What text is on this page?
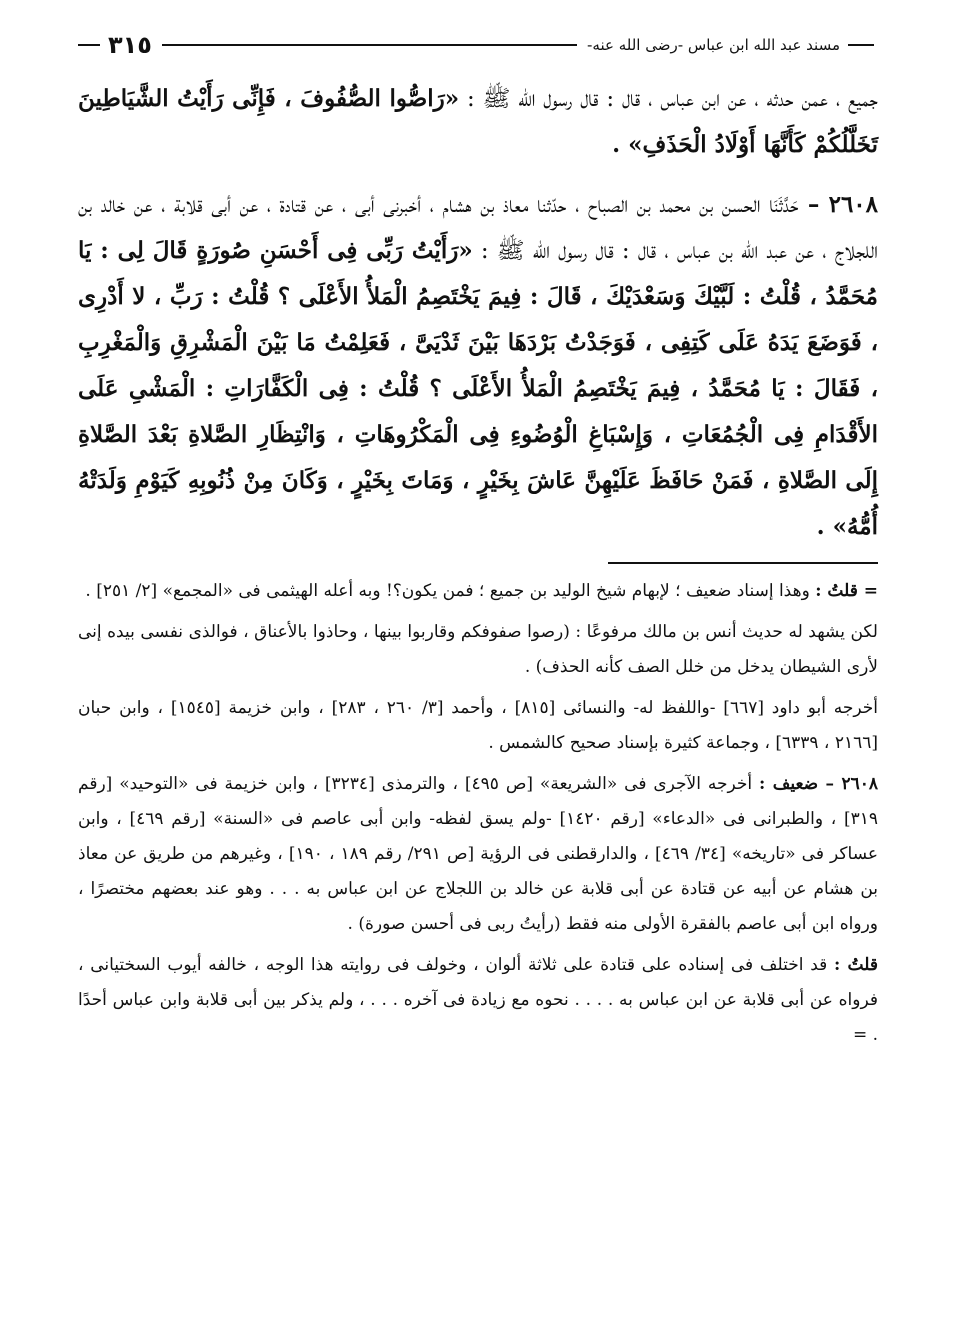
مسند عبد الله ابن عباس -رضى الله عنه-
٣١٥

جميع ، عمن حدثه ، عن ابن عباس ، قال : قال رسول الله ﷺ : «رَاصُّوا الصُّفُوفَ ، فَإِنِّى رَأَيْتُ الشَّيَاطِينَ تَخَلَّلُكُمْ كَأَنَّهَا أَوْلَادُ الْحَذَفِ» .

٢٦٠٨ – حَدَّثَنَا الحسن بن محمد بن الصباح ، حدّثنا معاذ بن هشام ، أخبرنى أبى ، عن قتادة ، عن أبى قلابة ، عن خالد بن اللجلاج ، عن عبد الله بن عباس ، قال : قال رسول الله ﷺ : «رَأَيْتُ رَبِّى فِى أَحْسَنِ صُورَةٍ قَالَ لِى : يَا مُحَمَّدُ ، قُلْتُ : لَبَّيْكَ وَسَعْدَيْكَ ، قَالَ : فِيمَ يَخْتَصِمُ الْمَلأُ الأَعْلَى ؟ قُلْتُ : رَبِّ ، لا أَدْرِى ، فَوَضَعَ يَدَهُ عَلَى كَتِفِى ، فَوَجَدْتُ بَرْدَهَا بَيْنَ ثَدْيَىَّ ، فَعَلِمْتُ مَا بَيْنَ الْمَشْرِقِ وَالْمَغْرِبِ ، فَقَالَ : يَا مُحَمَّدُ ، فِيمَ يَخْتَصِمُ الْمَلأُ الأَعْلَى ؟ قُلْتُ : فِى الْكَفَّارَاتِ : الْمَشْىِ عَلَى الأَقْدَامِ فِى الْجُمُعَاتِ ، وَإِسْبَاغِ الْوُضُوءِ فِى الْمَكْرُوهَاتِ ، وَانْتِظَارِ الصَّلاةِ بَعْدَ الصَّلاةِ إِلَى الصَّلاةِ ، فَمَنْ حَافَظَ عَلَيْهِنَّ عَاشَ بِخَيْرٍ ، وَمَاتَ بِخَيْرٍ ، وَكَانَ مِنْ ذُنُوبِهِ كَيَوْمِ وَلَدَتْهُ أُمُّهُ» .

= قلتُ : وهذا إسناد ضعيف ؛ لإبهام شيخ الوليد بن جميع ؛ فمن يكون؟! وبه أعله الهيثمى فى «المجمع» [٢/ ٢٥١] .

لكن يشهد له حديث أنس بن مالك مرفوعًا : (رصوا صفوفكم وقاربوا بينها ، وحاذوا بالأعناق ، فوالذى نفسى بيده إنى لأرى الشيطان يدخل من خلل الصف كأنه الحذف) .

أخرجه أبو داود [٦٦٧] -واللفظ له- والنسائى [٨١٥] ، وأحمد [٣/ ٢٦٠ ، ٢٨٣] ، وابن خزيمة [١٥٤٥] ، وابن حبان [٢١٦٦ ، ٦٣٣٩] ، وجماعة كثيرة بإسناد صحيح كالشمس .

٢٦٠٨ – ضعيف : أخرجه الآجرى فى «الشريعة» [ص ٤٩٥] ، والترمذى [٣٢٣٤] ، وابن خزيمة فى «التوحيد» [رقم ٣١٩] ، والطبرانى فى «الدعاء» [رقم ١٤٢٠] -ولم يسق لفظه- وابن أبى عاصم فى «السنة» [رقم ٤٦٩] ، وابن عساكر فى «تاريخه» [٣٤/ ٤٦٩] ، والدارقطنى فى الرؤية [ص ٢٩١/ رقم ١٨٩ ، ١٩٠] ، وغيرهم من طريق عن معاذ بن هشام عن أبيه عن قتادة عن أبى قلابة عن خالد بن اللجلاج عن ابن عباس به . . . وهو عند بعضهم مختصرًا ، ورواه ابن أبى عاصم بالفقرة الأولى منه فقط (رأيتُ ربى فى أحسن صورة) .

قلتُ : قد اختلف فى إسناده على قتادة على ثلاثة ألوان ، وخولف فى روايته هذا الوجه ، خالفه أيوب السختيانى ، فرواه عن أبى قلابة عن ابن عباس به . . . . نحوه مع زيادة فى آخره . . . ، ولم يذكر بين أبى قلابة وابن عباس أحدًا . =
